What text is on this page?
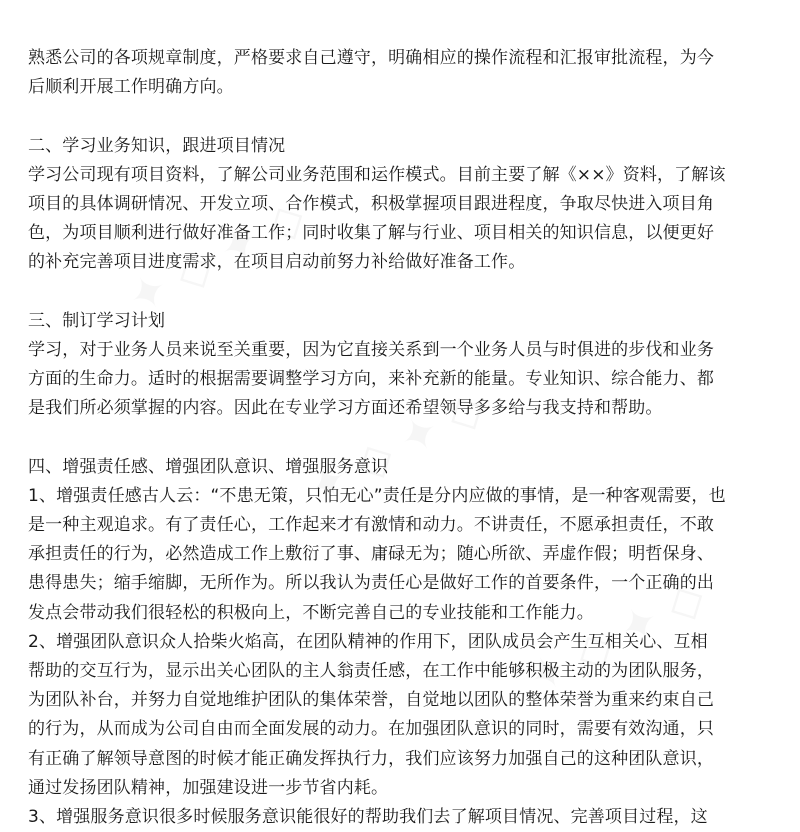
熟悉公司的各项规章制度，严格要求自己遵守，明确相应的操作流程和汇报审批流程，为今
后顺利开展工作明确方向。
二、学习业务知识，跟进项目情况
学习公司现有项目资料，了解公司业务范围和运作模式。目前主要了解《××》资料，了解该
项目的具体调研情况、开发立项、合作模式，积极掌握项目跟进程度，争取尽快进入项目角
色，为项目顺利进行做好准备工作；同时收集了解与行业、项目相关的知识信息，以便更好
的补充完善项目进度需求，在项目启动前努力补给做好准备工作。
三、制订学习计划
学习，对于业务人员来说至关重要，因为它直接关系到一个业务人员与时俱进的步伐和业务
方面的生命力。适时的根据需要调整学习方向，来补充新的能量。专业知识、综合能力、都
是我们所必须掌握的内容。因此在专业学习方面还希望领导多多给与我支持和帮助。
四、增强责任感、增强团队意识、增强服务意识
1、增强责任感古人云：“不患无策，只怕无心”责任是分内应做的事情，是一种客观需要，也
是一种主观追求。有了责任心，工作起来才有激情和动力。不讲责任，不愿承担责任，不敢
承担责任的行为，必然造成工作上敷衍了事、庸碌无为；随心所欲、弄虚作假；明哲保身、
患得患失；缩手缩脚，无所作为。所以我认为责任心是做好工作的首要条件，一个正确的出
发点会带动我们很轻松的积极向上，不断完善自己的专业技能和工作能力。
2、增强团队意识众人拾柴火焰高，在团队精神的作用下，团队成员会产生互相关心、互相
帮助的交互行为，显示出关心团队的主人翁责任感，在工作中能够积极主动的为团队服务，
为团队补台，并努力自觉地维护团队的集体荣誉，自觉地以团队的整体荣誉为重来约束自己
的行为，从而成为公司自由而全面发展的动力。在加强团队意识的同时，需要有效沟通，只
有正确了解领导意图的时候才能正确发挥执行力，我们应该努力加强自己的这种团队意识，
通过发扬团队精神，加强建设进一步节省内耗。
3、增强服务意识很多时候服务意识能很好的帮助我们去了解项目情况、完善项目过程，这
